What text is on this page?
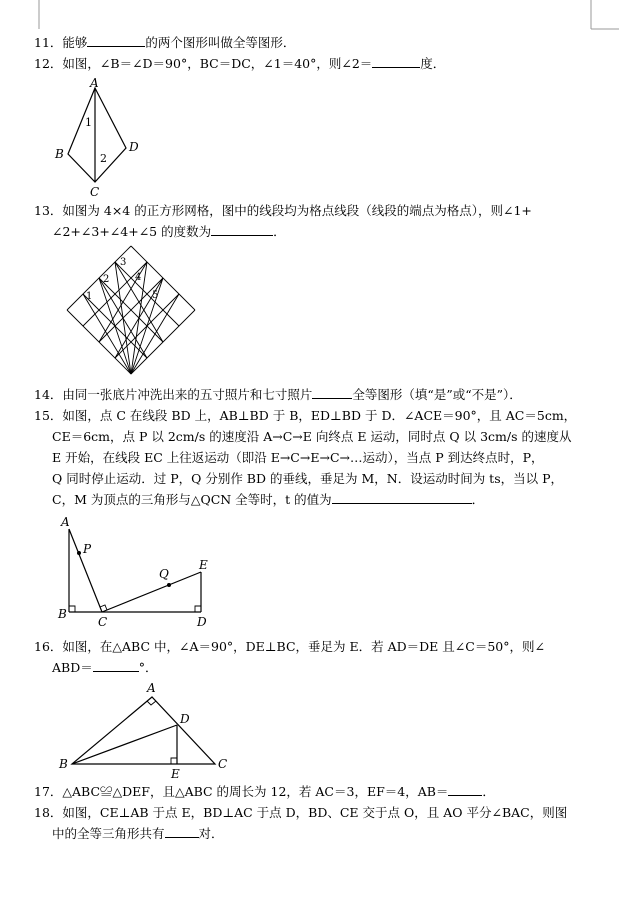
11．能够	的两个图形叫做全等图形．
12．如图，∠B＝∠D＝90°，BC＝DC，∠1＝40°，则∠2＝	度．
A
B
C
D
1
2
13．如图为 4×4 的正方形网格，图中的线段均为格点线段（线段的端点为格点），则∠1+
∠2+∠3+∠4+∠5 的度数为	．
1
2
3
4
5
14．由同一张底片冲洗出来的五寸照片和七寸照片	全等图形（填“是”或“不是”）．
15．如图，点 C 在线段 BD 上，AB⊥BD 于 B，ED⊥BD 于 D．∠ACE＝90°，且 AC＝5cm，
CE＝6cm，点 P 以 2cm/s 的速度沿 A→C→E 向终点 E 运动，同时点 Q 以 3cm/s 的速度从
E 开始，在线段 EC 上往返运动（即沿 E→C→E→C→…运动），当点 P 到达终点时，P，
Q 同时停止运动．过 P，Q 分别作 BD 的垂线，垂足为 M，N．设运动时间为 ts，当以 P，
C，M 为顶点的三角形与△QCN 全等时，t 的值为	．
A
P
Q
E
B
C	D
16．如图，在△ABC 中，∠A＝90°，DE⊥BC，垂足为 E．若 AD＝DE 且∠C＝50°，则∠
ABD＝	°．
A
D
B	C
E
17．△ABC≌△DEF，且△ABC 的周长为 12，若 AC＝3，EF＝4，AB＝	．
18．如图，CE⊥AB 于点 E，BD⊥AC 于点 D，BD、CE 交于点 O，且 AO 平分∠BAC，则图
中的全等三角形共有	对．
